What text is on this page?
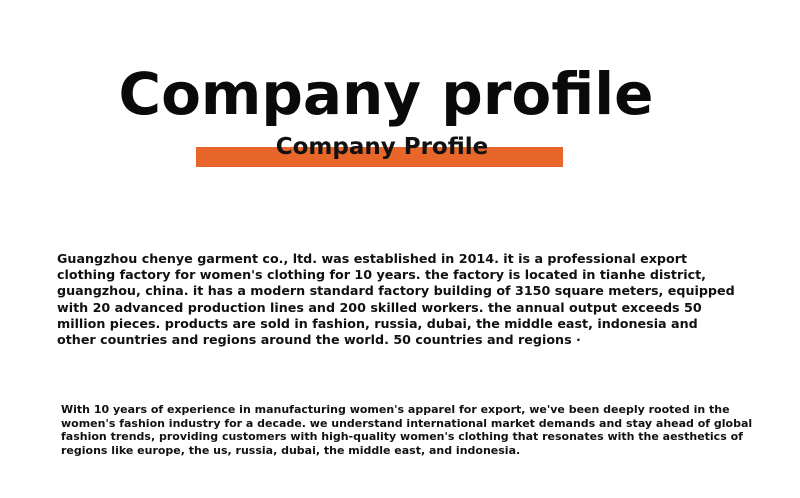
Company profile
Company Profile

Guangzhou chenye garment co., ltd. was established in 2014. it is a professional export clothing factory for women's clothing for 10 years. the factory is located in tianhe district, guangzhou, china. it has a modern standard factory building of 3150 square meters, equipped with 20 advanced production lines and 200 skilled workers. the annual output exceeds 50 million pieces. products are sold in fashion, russia, dubai, the middle east, indonesia and other countries and regions around the world. 50 countries and regions ·

With 10 years of experience in manufacturing women's apparel for export, we've been deeply rooted in the women's fashion industry for a decade. we understand international market demands and stay ahead of global fashion trends, providing customers with high-quality women's clothing that resonates with the aesthetics of regions like europe, the us, russia, dubai, the middle east, and indonesia.
